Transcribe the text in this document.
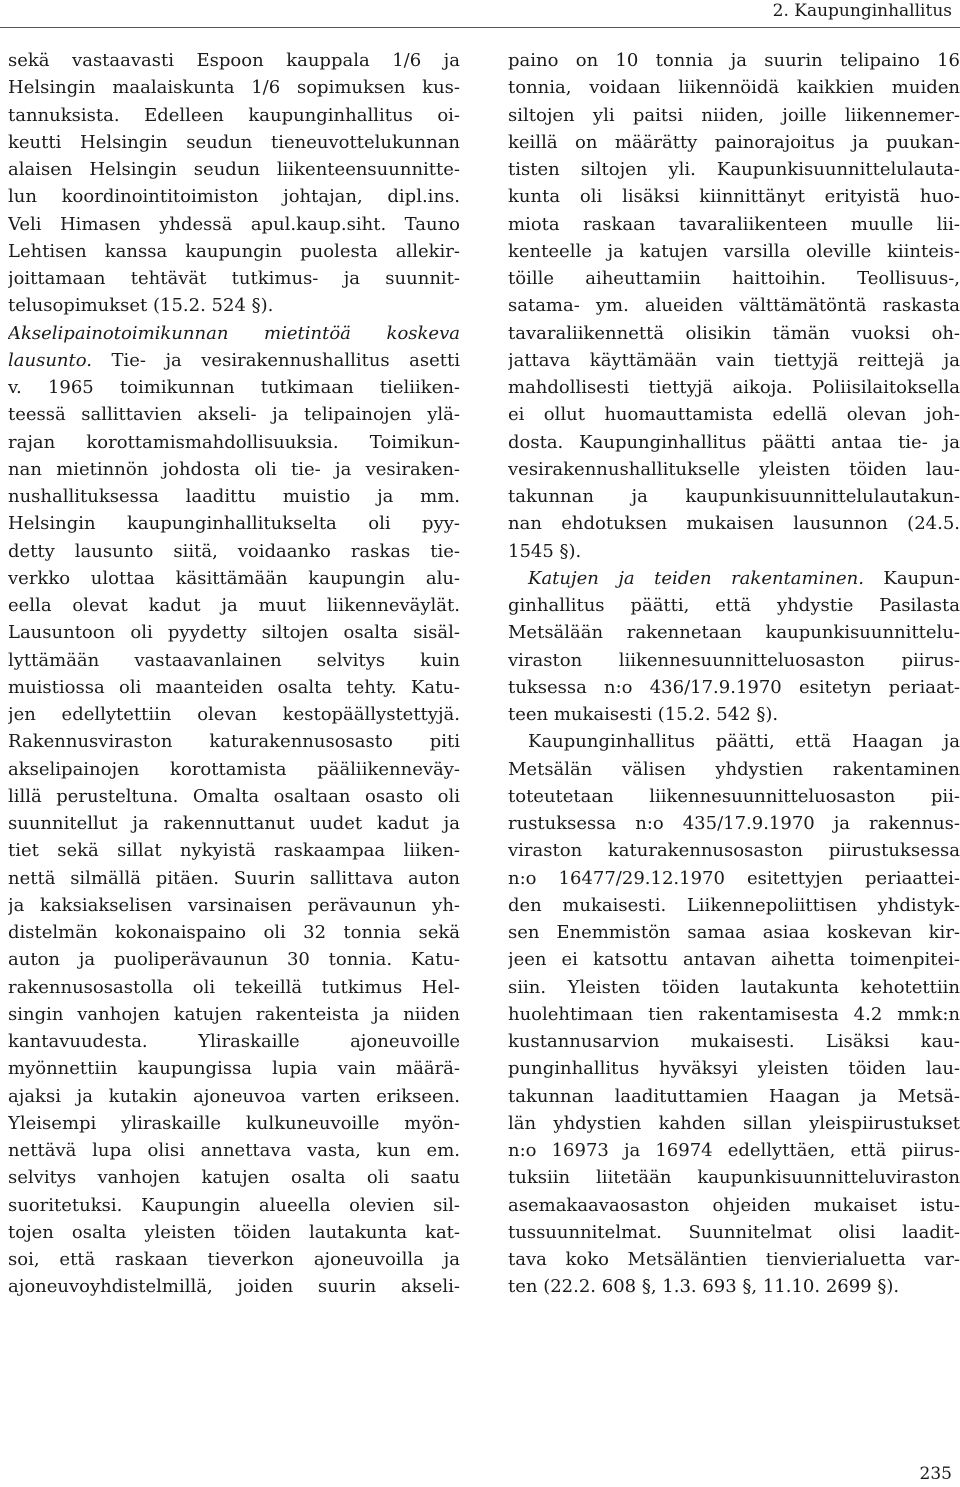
2. Kaupunginhallitus

sekä vastaavasti Espoon kauppala 1/6 ja
Helsingin maalaiskunta 1/6 sopimuksen kus-
tannuksista. Edelleen kaupunginhallitus oi-
keutti Helsingin seudun tieneuvottelukunnan
alaisen Helsingin seudun liikenteensuunnitte-
lun koordinointitoimiston johtajan, dipl.ins.
Veli Himasen yhdessä apul.kaup.siht. Tauno
Lehtisen kanssa kaupungin puolesta allekir-
joittamaan tehtävät tutkimus- ja suunnit-
telusopimukset (15.2. 524 §).

Akselipainotoimikunnan mietintöä koskeva
lausunto. Tie- ja vesirakennushallitus asetti
v. 1965 toimikunnan tutkimaan tieliiken-
teessä sallittavien akseli- ja telipainojen ylä-
rajan korottamismahdollisuuksia. Toimikun-
nan mietinnön johdosta oli tie- ja vesiraken-
nushallituksessa laadittu muistio ja mm.
Helsingin kaupunginhallitukselta oli pyy-
detty lausunto siitä, voidaanko raskas tie-
verkko ulottaa käsittämään kaupungin alu-
eella olevat kadut ja muut liikenneväylät.
Lausuntoon oli pyydetty siltojen osalta sisäl-
lyttämään vastaavanlainen selvitys kuin
muistiossa oli maanteiden osalta tehty. Katu-
jen edellytettiin olevan kestopäällystettyjä.
Rakennusviraston katurakennusosasto piti
akselipainojen korottamista pääliikenneväy-
lillä perusteltuna. Omalta osaltaan osasto oli
suunnitellut ja rakennuttanut uudet kadut ja
tiet sekä sillat nykyistä raskaampaa liiken-
nettä silmällä pitäen. Suurin sallittava auton
ja kaksiakselisen varsinaisen perävaunun yh-
distelmän kokonaispaino oli 32 tonnia sekä
auton ja puoliperävaunun 30 tonnia. Katu-
rakennusosastolla oli tekeillä tutkimus Hel-
singin vanhojen katujen rakenteista ja niiden
kantavuudesta. Yliraskaille ajoneuvoille
myönnettiin kaupungissa lupia vain määrä-
ajaksi ja kutakin ajoneuvoa varten erikseen.
Yleisempi yliraskaille kulkuneuvoille myön-
nettävä lupa olisi annettava vasta, kun em.
selvitys vanhojen katujen osalta oli saatu
suoritetuksi. Kaupungin alueella olevien sil-
tojen osalta yleisten töiden lautakunta kat-
soi, että raskaan tieverkon ajoneuvoilla ja
ajoneuvoyhdistelmillä, joiden suurin akseli-

paino on 10 tonnia ja suurin telipaino 16
tonnia, voidaan liikennöidä kaikkien muiden
siltojen yli paitsi niiden, joille liikennemer-
keillä on määrätty painorajoitus ja puukan-
tisten siltojen yli. Kaupunkisuunnittelulauta-
kunta oli lisäksi kiinnittänyt erityistä huo-
miota raskaan tavaraliikenteen muulle lii-
kenteelle ja katujen varsilla oleville kiinteis-
töille aiheuttamiin haittoihin. Teollisuus-,
satama- ym. alueiden välttämätöntä raskasta
tavaraliikennettä olisikin tämän vuoksi oh-
jattava käyttämään vain tiettyjä reittejä ja
mahdollisesti tiettyjä aikoja. Poliisilaitoksella
ei ollut huomauttamista edellä olevan joh-
dosta. Kaupunginhallitus päätti antaa tie- ja
vesirakennushallitukselle yleisten töiden lau-
takunnan ja kaupunkisuunnittelulautakun-
nan ehdotuksen mukaisen lausunnon (24.5.
1545 §).

Katujen ja teiden rakentaminen. Kaupun-
ginhallitus päätti, että yhdystie Pasilasta
Metsälään rakennetaan kaupunkisuunnittelu-
viraston liikennesuunnitteluosaston piirus-
tuksessa n:o 436/17.9.1970 esitetyn periaat-
teen mukaisesti (15.2. 542 §).

Kaupunginhallitus päätti, että Haagan ja
Metsälän välisen yhdystien rakentaminen
toteutetaan liikennesuunnitteluosaston pii-
rustuksessa n:o 435/17.9.1970 ja rakennus-
viraston katurakennusosaston piirustuksessa
n:o 16477/29.12.1970 esitettyjen periaattei-
den mukaisesti. Liikennepoliittisen yhdistyk-
sen Enemmistön samaa asiaa koskevan kir-
jeen ei katsottu antavan aihetta toimenpitei-
siin. Yleisten töiden lautakunta kehotettiin
huolehtimaan tien rakentamisesta 4.2 mmk:n
kustannusarvion mukaisesti. Lisäksi kau-
punginhallitus hyväksyi yleisten töiden lau-
takunnan laadituttamien Haagan ja Metsä-
län yhdystien kahden sillan yleispiirustukset
n:o 16973 ja 16974 edellyttäen, että piirus-
tuksiin liitetään kaupunkisuunnitteluviraston
asemakaavaosaston ohjeiden mukaiset istu-
tussuunnitelmat. Suunnitelmat olisi laadit-
tava koko Metsäläntien tienvierialuetta var-
ten (22.2. 608 §, 1.3. 693 §, 11.10. 2699 §).

235
